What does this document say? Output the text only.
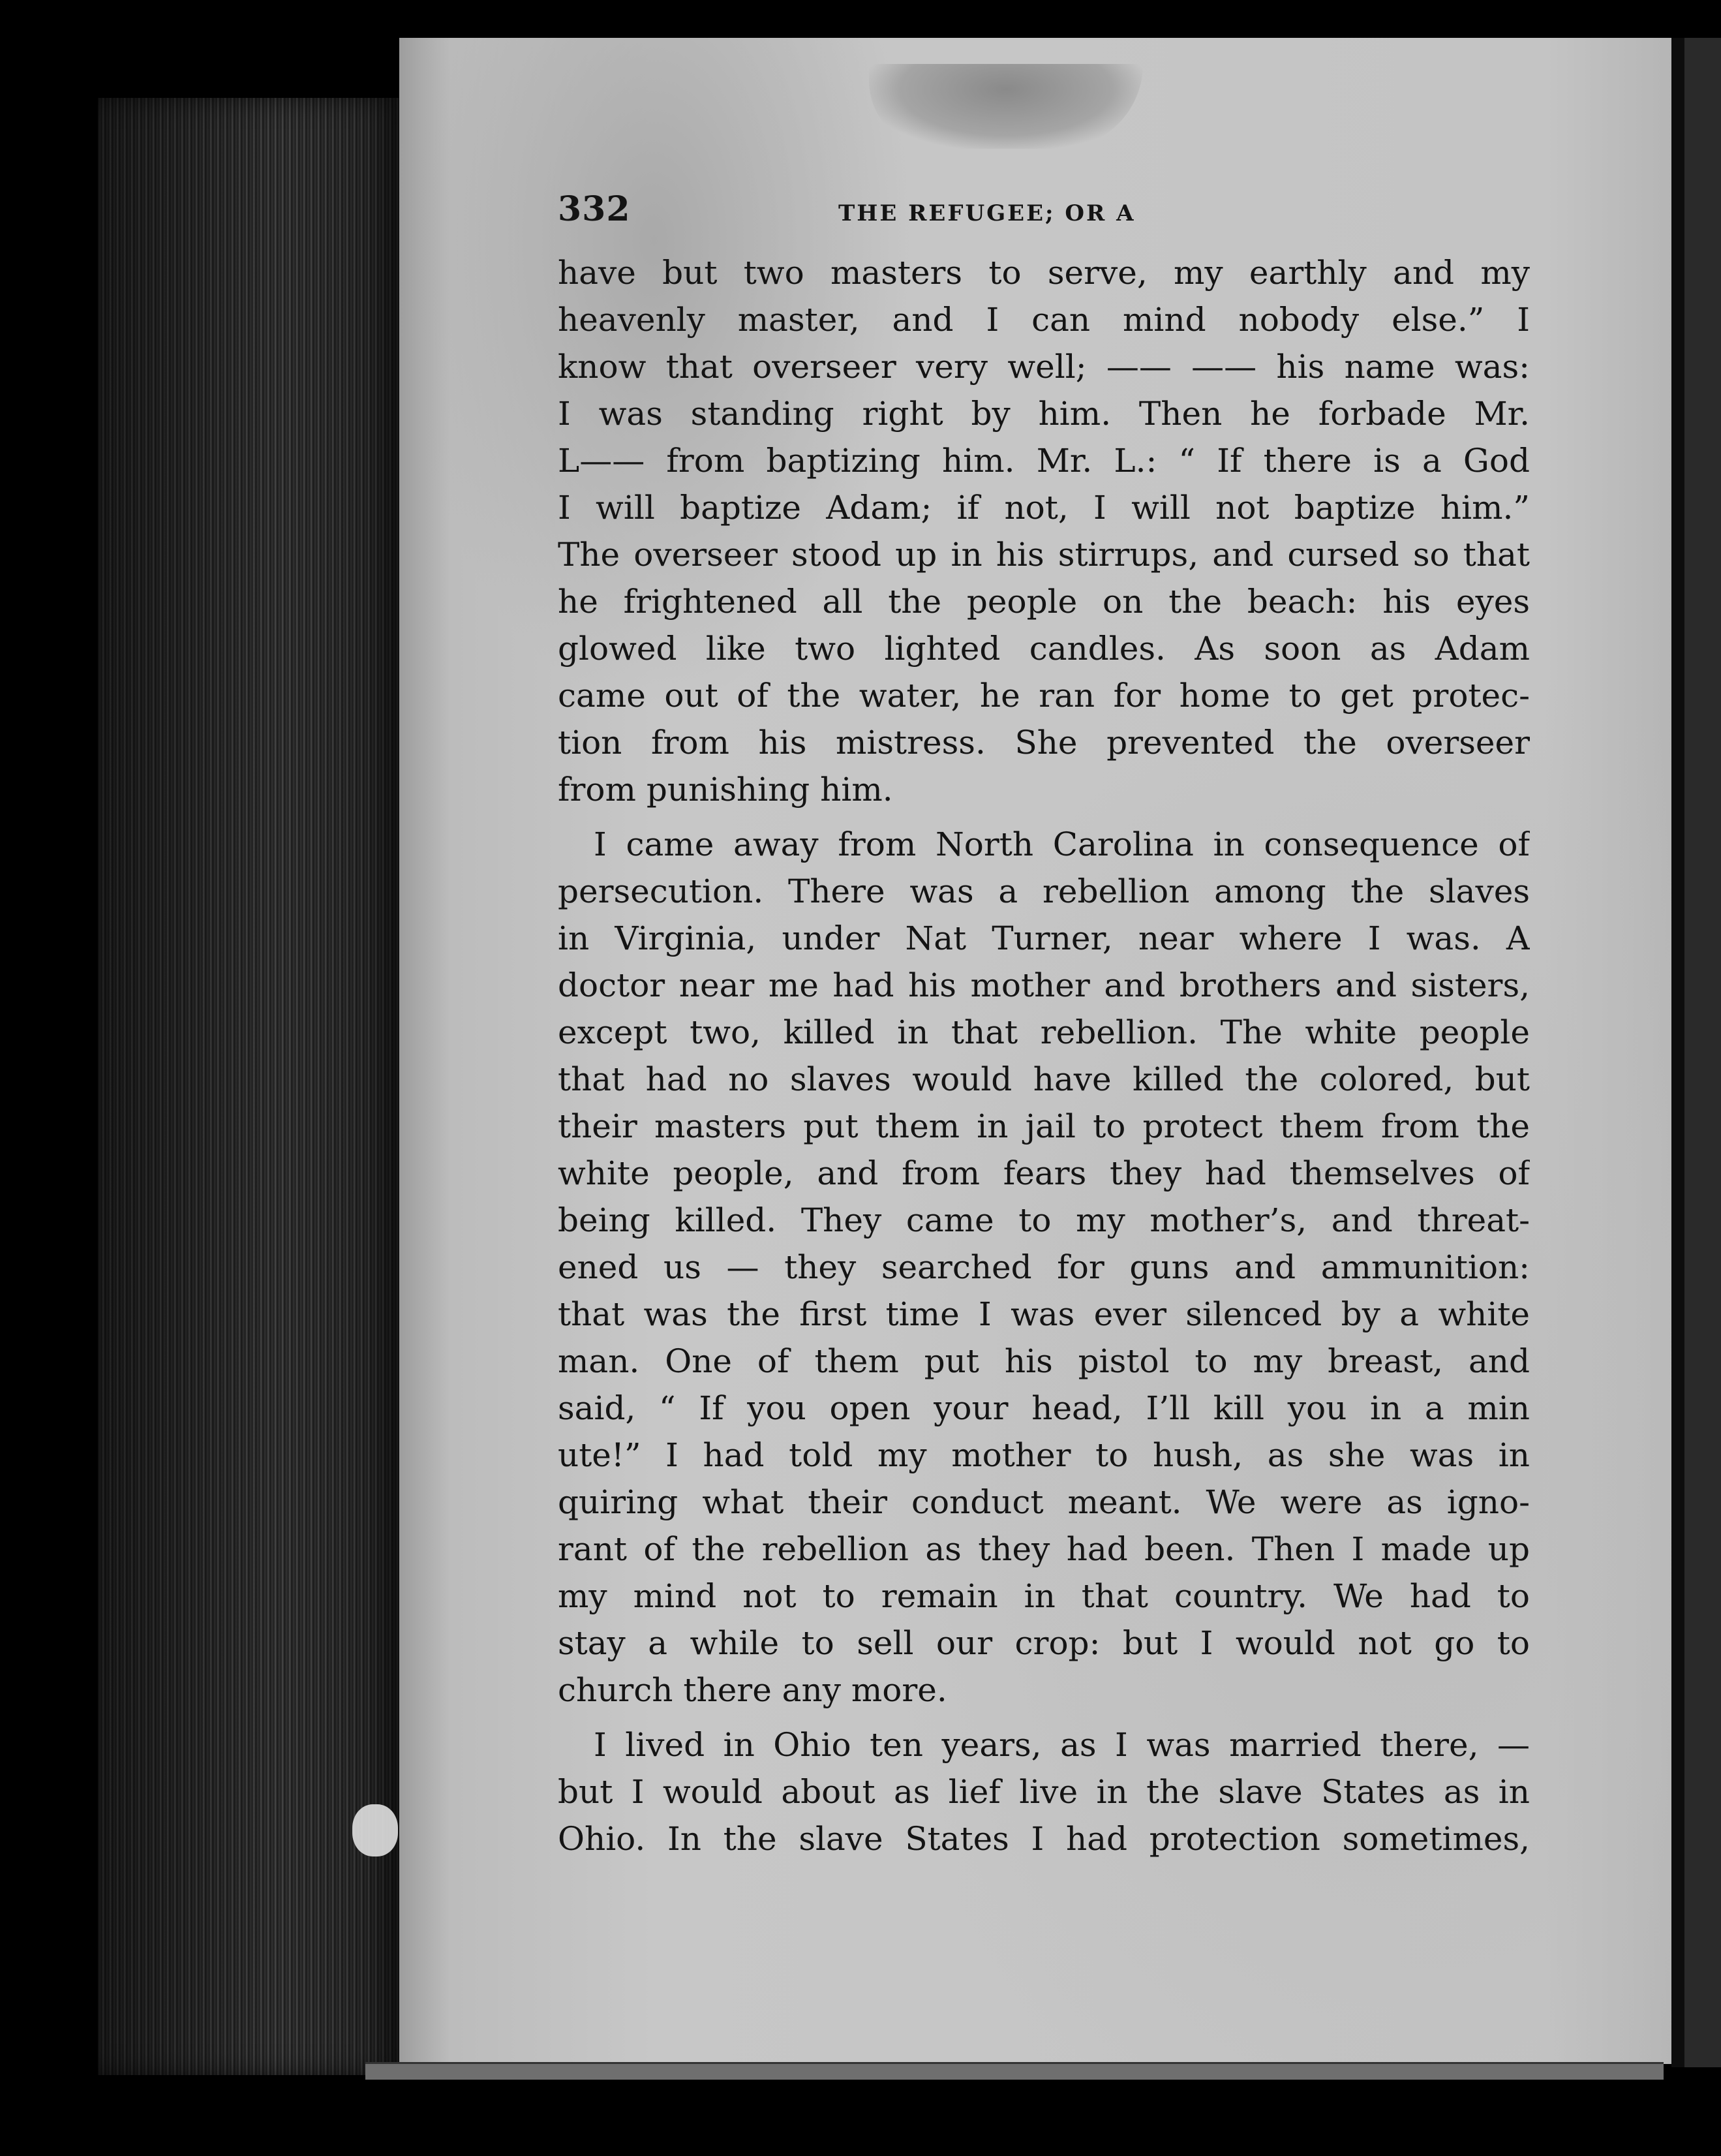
332	THE REFUGEE; OR A
have but two masters to serve, my earthly and my
heavenly master, and I can mind nobody else.” I
know that overseer very well; —— —— his name was:
I was standing right by him. Then he forbade Mr.
L—— from baptizing him. Mr. L.: “ If there is a God
I will baptize Adam; if not, I will not baptize him.”
The overseer stood up in his stirrups, and cursed so that
he frightened all the people on the beach: his eyes
glowed like two lighted candles. As soon as Adam
came out of the water, he ran for home to get protec-
tion from his mistress. She prevented the overseer
from punishing him.
I came away from North Carolina in consequence of
persecution. There was a rebellion among the slaves
in Virginia, under Nat Turner, near where I was. A
doctor near me had his mother and brothers and sisters,
except two, killed in that rebellion. The white people
that had no slaves would have killed the colored, but
their masters put them in jail to protect them from the
white people, and from fears they had themselves of
being killed. They came to my mother’s, and threat-
ened us — they searched for guns and ammunition:
that was the first time I was ever silenced by a white
man. One of them put his pistol to my breast, and
said, “ If you open your head, I’ll kill you in a min
ute!” I had told my mother to hush, as she was in
quiring what their conduct meant. We were as igno-
rant of the rebellion as they had been. Then I made up
my mind not to remain in that country. We had to
stay a while to sell our crop: but I would not go to
church there any more.
I lived in Ohio ten years, as I was married there, —
but I would about as lief live in the slave States as in
Ohio. In the slave States I had protection sometimes,
